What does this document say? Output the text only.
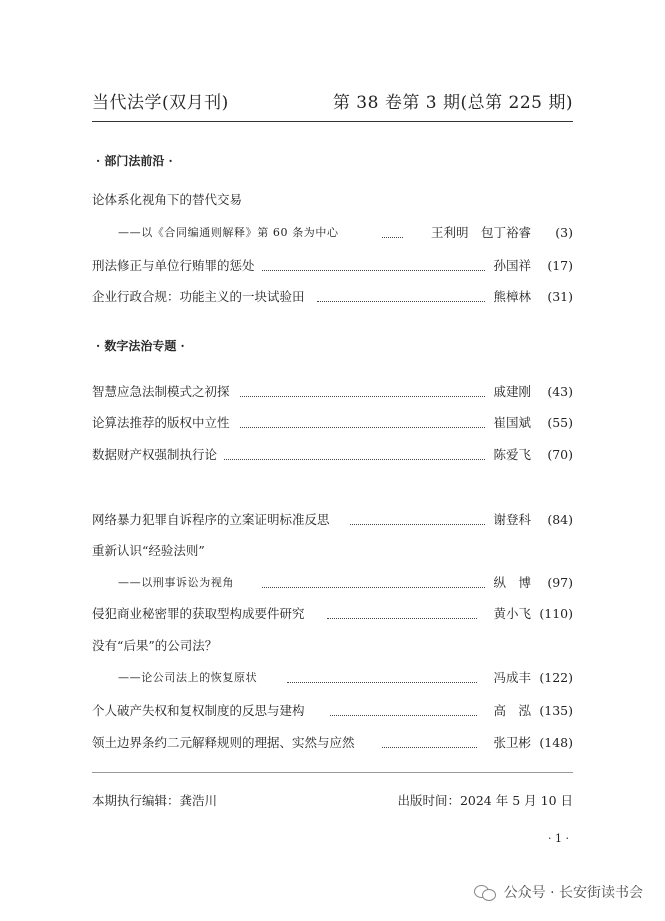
当代法学(双月刊)	第 38 卷第 3 期(总第 225 期)
· 部门法前沿 ·
论体系化视角下的替代交易
——以《合同编通则解释》第 60 条为中心	王利明　包丁裕睿 (3)
刑法修正与单位行贿罪的惩处	孙国祥 (17)
企业行政合规：功能主义的一块试验田	熊樟林 (31)
· 数字法治专题 ·
智慧应急法制模式之初探	戚建刚 (43)
论算法推荐的版权中立性	崔国斌 (55)
数据财产权强制执行论	陈爱飞 (70)
网络暴力犯罪自诉程序的立案证明标准反思	谢登科 (84)
重新认识“经验法则”
——以刑事诉讼为视角	纵　博 (97)
侵犯商业秘密罪的获取型构成要件研究	黄小飞 (110)
没有“后果”的公司法？
——论公司法上的恢复原状	冯成丰 (122)
个人破产失权和复权制度的反思与建构	高　泓 (135)
领土边界条约二元解释规则的理据、实然与应然	张卫彬 (148)
本期执行编辑：龚浩川	出版时间：2024 年 5 月 10 日
· 1 ·
公众号 · 长安街读书会
